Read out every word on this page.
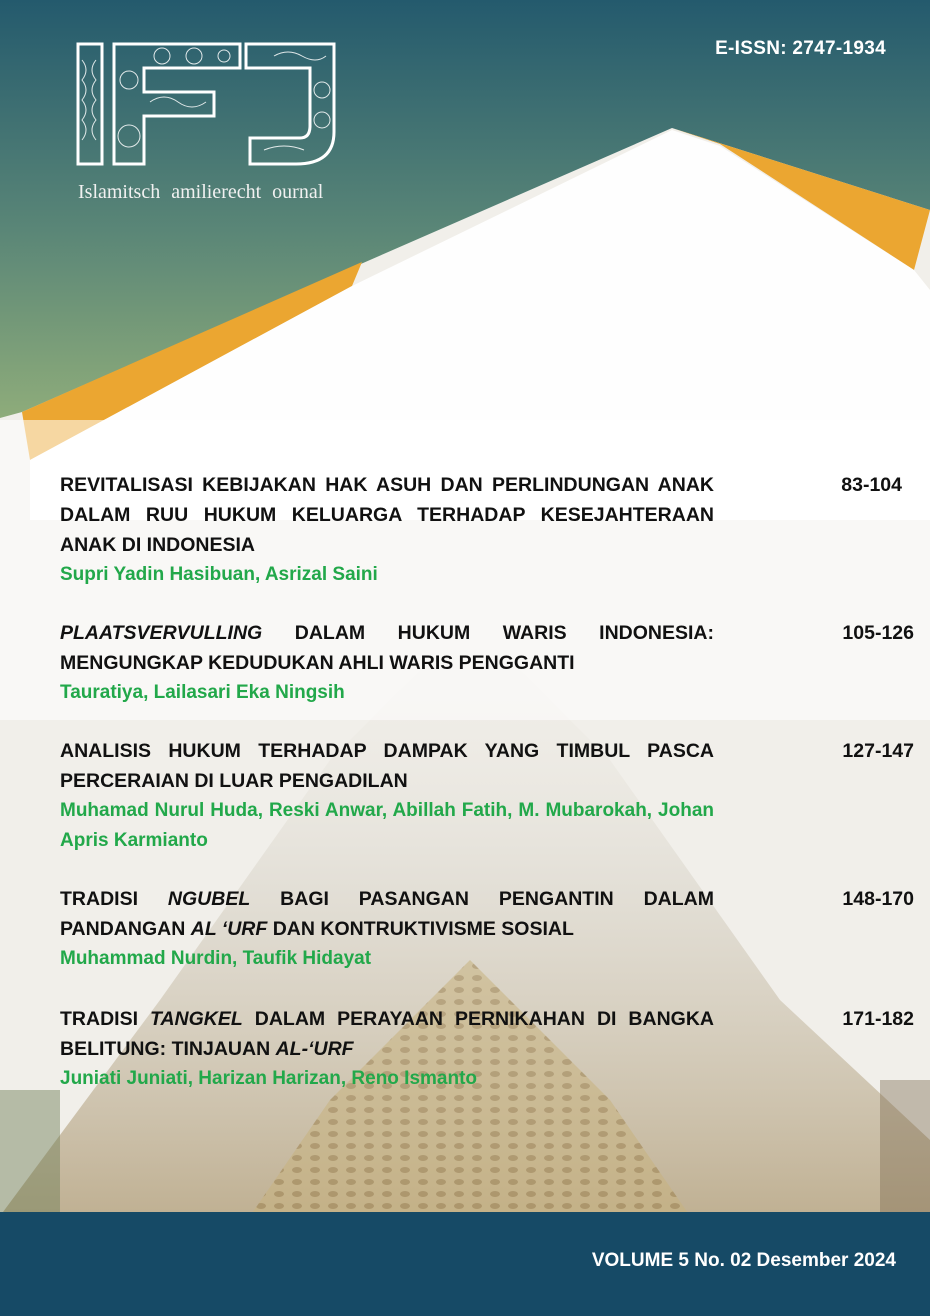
Islamitsch amilierecht ournal
E-ISSN: 2747-1934

REVITALISASI KEBIJAKAN HAK ASUH DAN PERLINDUNGAN ANAK DALAM RUU HUKUM KELUARGA TERHADAP KESEJAHTERAAN ANAK DI INDONESIA

Supri Yadin Hasibuan, Asrizal Saini

83-104

PLAATSVERVULLING DALAM HUKUM WARIS INDONESIA: MENGUNGKAP KEDUDUKAN AHLI WARIS PENGGANTI

Tauratiya, Lailasari Eka Ningsih

105-126

ANALISIS HUKUM TERHADAP DAMPAK YANG TIMBUL PASCA PERCERAIAN DI LUAR PENGADILAN

Muhamad Nurul Huda, Reski Anwar, Abillah Fatih, M. Mubarokah, Johan Apris Karmianto

127-147

TRADISI NGUBEL BAGI PASANGAN PENGANTIN DALAM PANDANGAN AL ‘URF DAN KONTRUKTIVISME SOSIAL

Muhammad Nurdin, Taufik Hidayat

148-170

TRADISI TANGKEL DALAM PERAYAAN PERNIKAHAN DI BANGKA BELITUNG: TINJAUAN AL-‘URF

Juniati Juniati, Harizan Harizan, Reno Ismanto

171-182
VOLUME 5 No. 02 Desember 2024
